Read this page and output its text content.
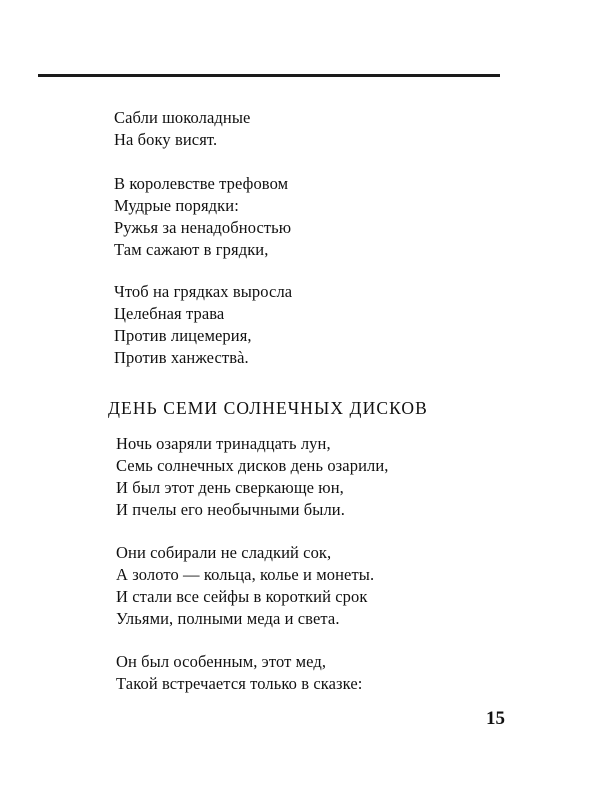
Сабли шоколадные
На боку висят.
В королевстве трефовом
Мудрые порядки:
Ружья за ненадобностью
Там сажают в грядки,
Чтоб на грядках выросла
Целебная трава
Против лицемерия,
Против ханжествà.
ДЕНЬ СЕМИ СОЛНЕЧНЫХ ДИСКОВ
Ночь озаряли тринадцать лун,
Семь солнечных дисков день озарили,
И был этот день сверкающе юн,
И пчелы его необычными были.
Они собирали не сладкий сок,
А золото — кольца, колье и монеты.
И стали все сейфы в короткий срок
Ульями, полными меда и света.
Он был особенным, этот мед,
Такой встречается только в сказке:
15
